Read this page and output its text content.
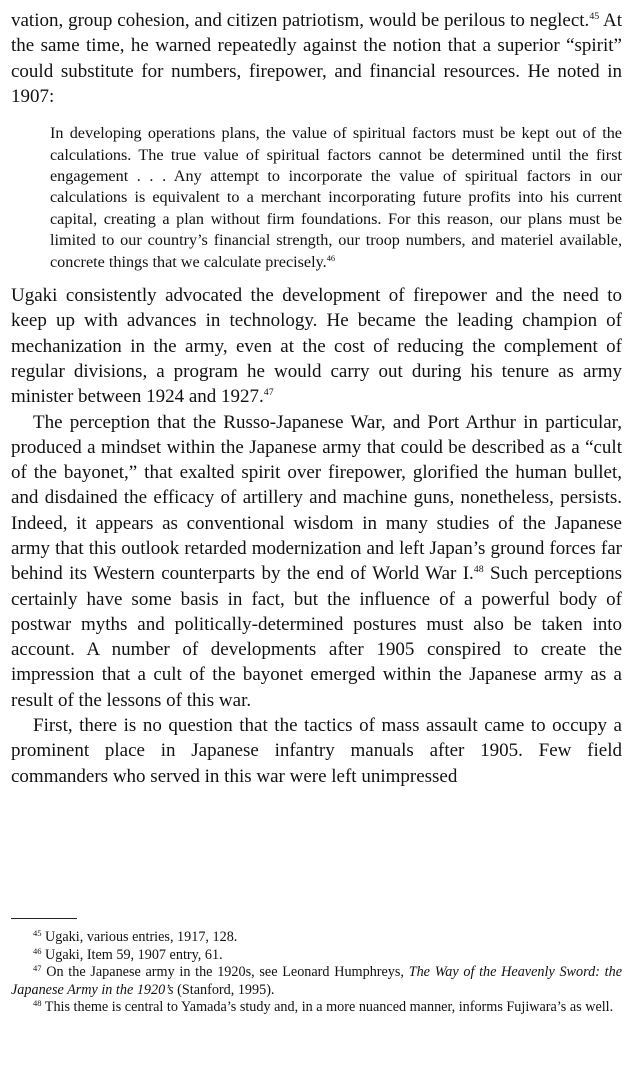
vation, group cohesion, and citizen patriotism, would be perilous to neglect.$^{45}$ At the same time, he warned repeatedly against the notion that a superior “spirit” could substitute for numbers, firepower, and financial resources. He noted in 1907:

In developing operations plans, the value of spiritual factors must be kept out of the calculations. The true value of spiritual factors cannot be determined until the first engagement . . . Any attempt to incorporate the value of spiritual factors in our calculations is equivalent to a merchant incorporating future profits into his current capital, creating a plan without firm foundations. For this reason, our plans must be limited to our country’s financial strength, our troop numbers, and materiel available, concrete things that we calculate precisely.$^{46}$

Ugaki consistently advocated the development of firepower and the need to keep up with advances in technology. He became the leading champion of mechanization in the army, even at the cost of reducing the complement of regular divisions, a program he would carry out during his tenure as army minister between 1924 and 1927.47

The perception that the Russo-Japanese War, and Port Arthur in particular, produced a mindset within the Japanese army that could be described as a “cult of the bayonet,” that exalted spirit over firepower, glorified the human bullet, and disdained the efficacy of artillery and machine guns, nonetheless, persists. Indeed, it appears as conventional wisdom in many studies of the Japanese army that this outlook retarded modernization and left Japan’s ground forces far behind its Western counterparts by the end of World War I.$^{48}$ Such perceptions certainly have some basis in fact, but the influence of a powerful body of postwar myths and politically-determined postures must also be taken into account. A number of developments after 1905 conspired to create the impression that a cult of the bayonet emerged within the Japanese army as a result of the lessons of this war.

First, there is no question that the tactics of mass assault came to occupy a prominent place in Japanese infantry manuals after 1905. Few field commanders who served in this war were left unimpressed

$^{45}$ Ugaki, various entries, 1917, 128.

$^{46}$ Ugaki, Item 59, 1907 entry, 61.

$^{47}$ On the Japanese army in the 1920s, see Leonard Humphreys, The Way of the Heavenly Sword: the Japanese Army in the 1920’s (Stanford, 1995).

$^{48}$ This theme is central to Yamada’s study and, in a more nuanced manner, informs Fujiwara’s as well.
